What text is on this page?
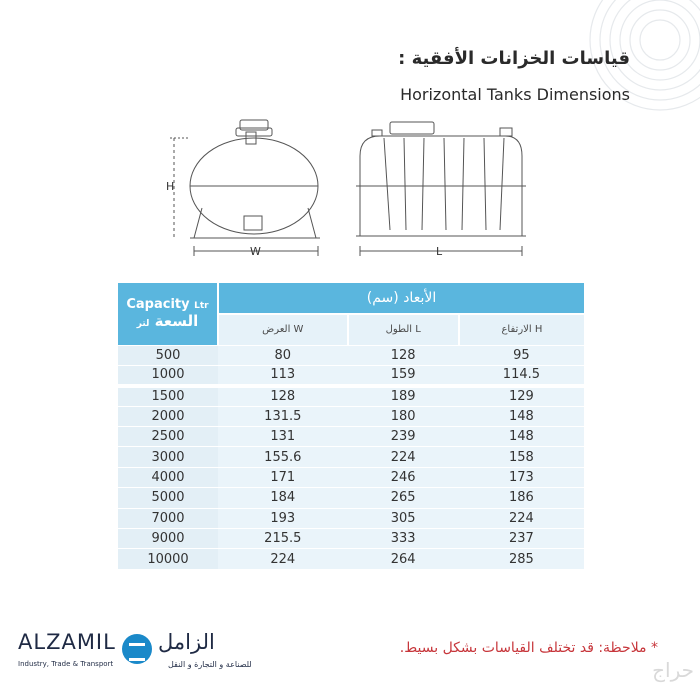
قياسات الخزانات الأفقية :
Horizontal Tanks Dimensions
H
W	L
Capacity Ltr
السعة لتر	الأبعاد (سم)		
	العرض W	الطول L	الارتفاع H
500	80	128	95
1000	113	159	114.5
1500	128	189	129
2000	131.5	180	148
2500	131	239	148
3000	155.6	224	158
4000	171	246	173
5000	184	265	186
7000	193	305	224
9000	215.5	333	237
10000	224	264	285
ALZAMIL
Industry, Trade & Transport
الزامل
للصناعة و التجارة و النقل
* ملاحظة: قد تختلف القياسات بشكل بسيط.
حراج
